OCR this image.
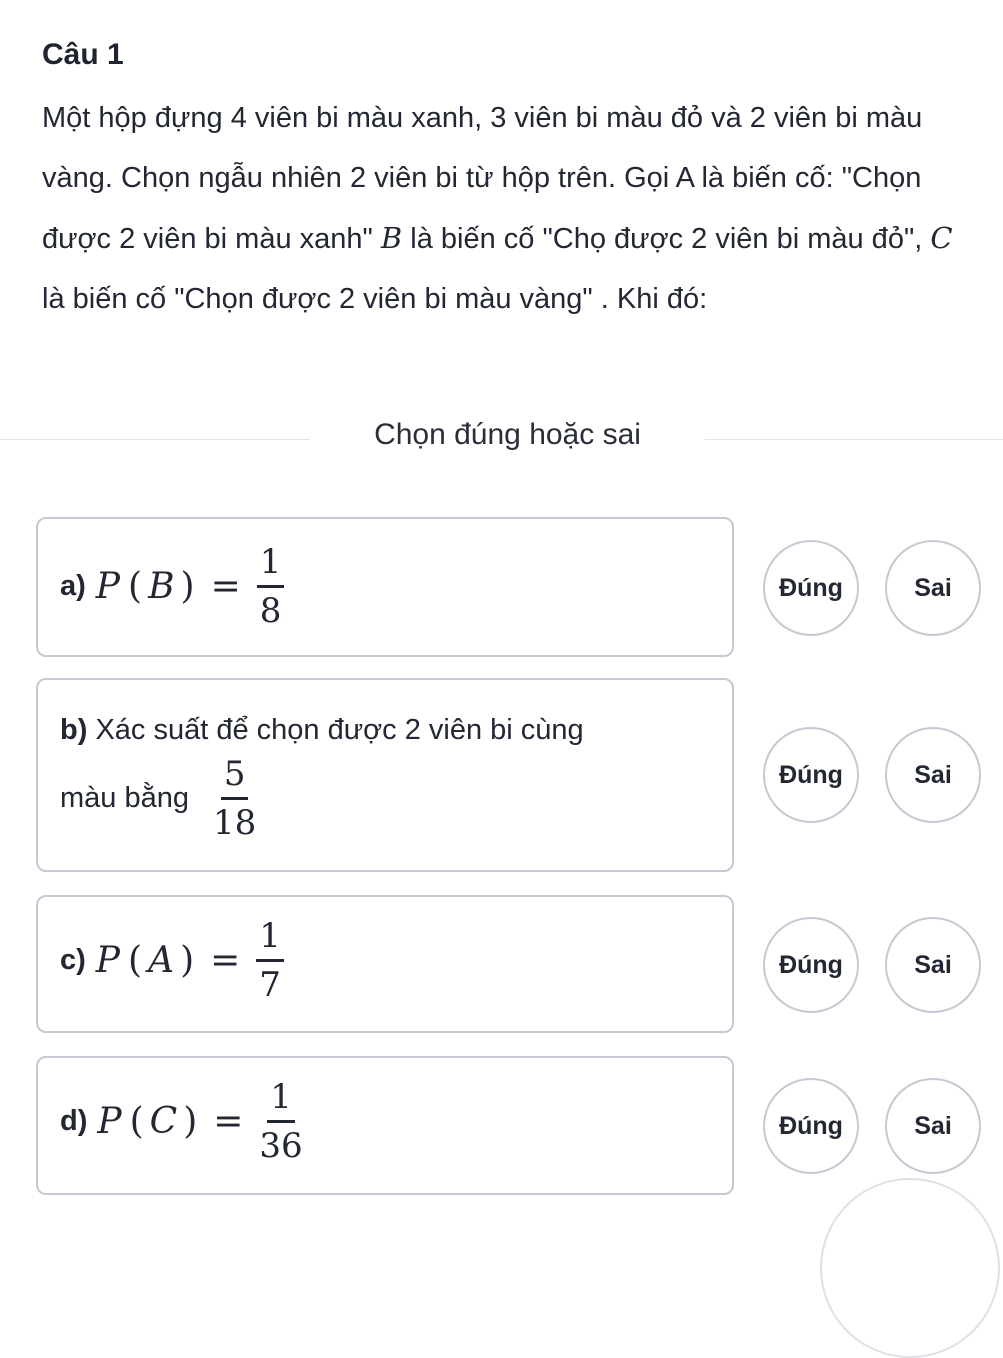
Câu 1
Một hộp đựng 4 viên bi màu xanh, 3 viên bi màu đỏ và 2 viên bi màu vàng. Chọn ngẫu nhiên 2 viên bi từ hộp trên. Gọi A là biến cố: "Chọn được 2 viên bi màu xanh" B là biến cố "Chọ được 2 viên bi màu đỏ", C là biến cố "Chọn được 2 viên bi màu vàng" . Khi đó:
Chọn đúng hoặc sai
a) P ( B ) = $\frac{1}{8}$	Đúng	Sai
b) Xác suất để chọn được 2 viên bi cùng
màu bằng $\frac{5}{18}$	Đúng	Sai
c) P ( A ) = $\frac{1}{7}$	Đúng	Sai
d) P ( C ) = $\frac{1}{36}$	Đúng	Sai
